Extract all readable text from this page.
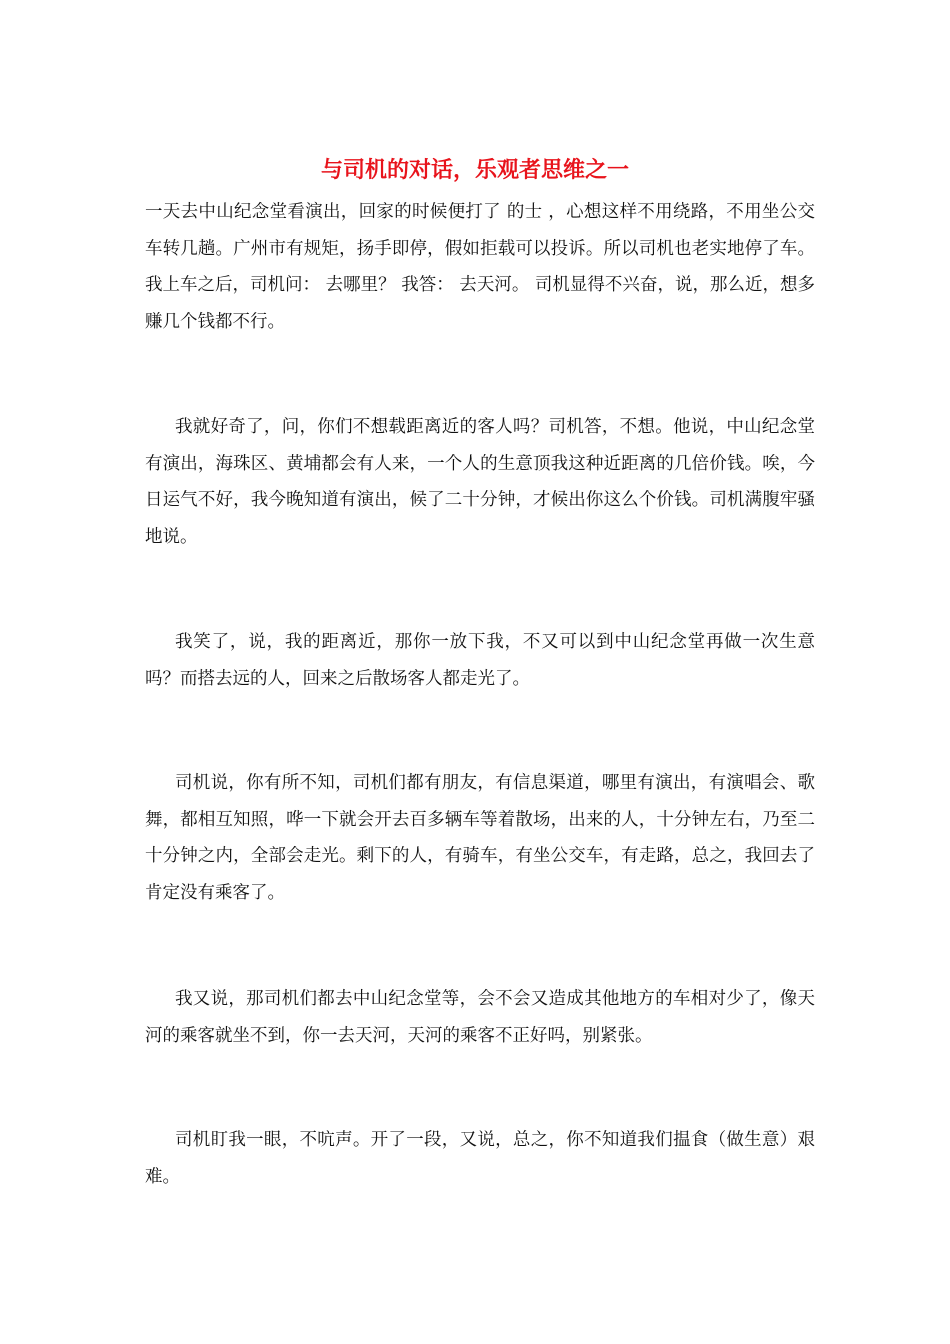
与司机的对话，乐观者思维之一

一天去中山纪念堂看演出，回家的时候便打了 的士 ，心想这样不用绕路，不用坐公交车转几趟。广州市有规矩，扬手即停，假如拒载可以投诉。所以司机也老实地停了车。我上车之后，司机问： 去哪里？ 我答： 去天河。 司机显得不兴奋，说，那么近，想多赚几个钱都不行。

我就好奇了，问，你们不想载距离近的客人吗？司机答，不想。他说，中山纪念堂有演出，海珠区、黄埔都会有人来，一个人的生意顶我这种近距离的几倍价钱。唉，今日运气不好，我今晚知道有演出，候了二十分钟，才候出你这么个价钱。司机满腹牢骚地说。

我笑了，说，我的距离近，那你一放下我，不又可以到中山纪念堂再做一次生意吗？而搭去远的人，回来之后散场客人都走光了。

司机说，你有所不知，司机们都有朋友，有信息渠道，哪里有演出，有演唱会、歌舞，都相互知照，哗一下就会开去百多辆车等着散场，出来的人，十分钟左右，乃至二十分钟之内，全部会走光。剩下的人，有骑车，有坐公交车，有走路，总之，我回去了肯定没有乘客了。

我又说，那司机们都去中山纪念堂等，会不会又造成其他地方的车相对少了，像天河的乘客就坐不到，你一去天河，天河的乘客不正好吗，别紧张。

司机盯我一眼，不吭声。开了一段，又说，总之，你不知道我们揾食（做生意）艰难。
